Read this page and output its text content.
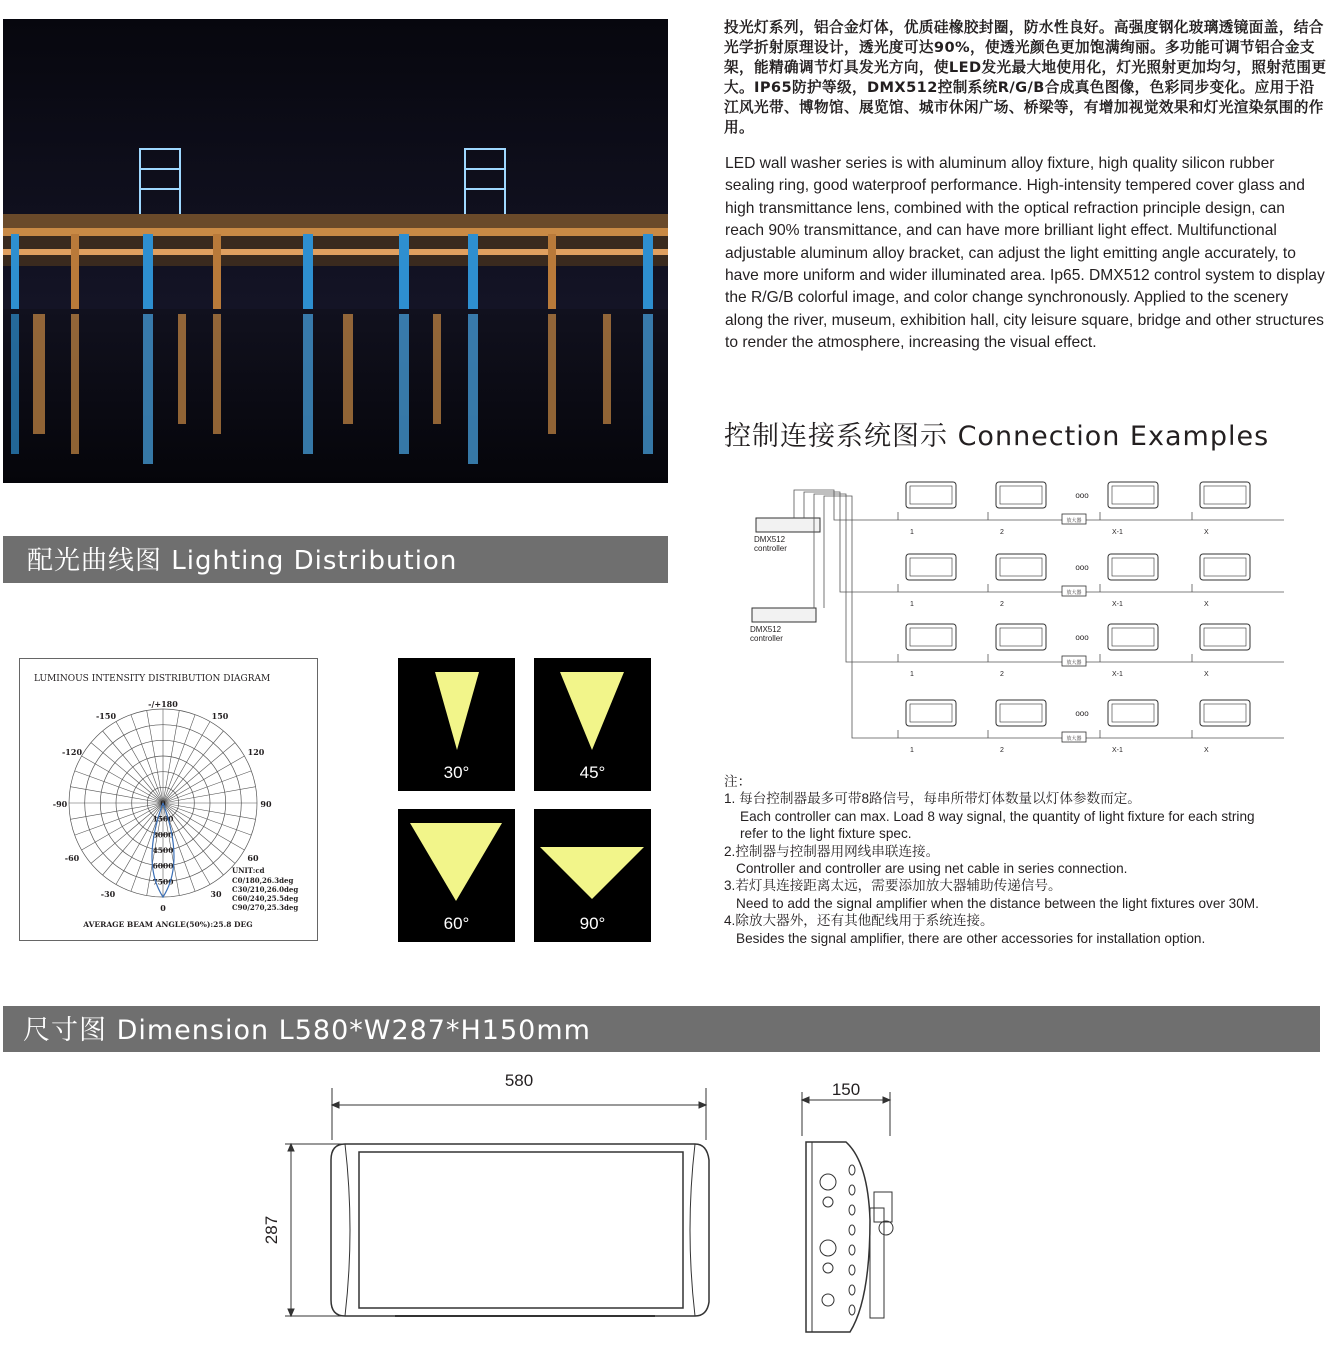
投光灯系列，铝合金灯体，优质硅橡胶封圈，防水性良好。高强度钢化玻璃透镜面盖，结合光学折射原理设计，透光度可达90%，使透光颜色更加饱满绚丽。多功能可调节铝合金支架，能精确调节灯具发光方向，使LED发光最大地使用化，灯光照射更加均匀，照射范围更大。IP65防护等级，DMX512控制系统R/G/B合成真色图像，色彩同步变化。应用于沿江风光带、博物馆、展览馆、城市休闲广场、桥梁等，有增加视觉效果和灯光渲染氛围的作用。

LED wall washer series is with aluminum alloy fixture, high quality silicon rubber sealing ring, good waterproof performance. High-intensity tempered cover glass and high transmittance lens, combined with the optical refraction principle design, can reach 90% transmittance, and can have more brilliant light effect. Multifunctional adjustable aluminum alloy bracket, can adjust the light emitting angle accurately, to have more uniform and wider illuminated area. Ip65. DMX512 control system to display the R/G/B colorful image, and color change synchronously. Applied to the scenery along the river, museum, exhibition hall, city leisure square, bridge and other structures to render the atmosphere, increasing the visual effect.

控制连接系统图示 Connection Examples
DMX512
controller
DMX512
controller
1	2	X-1	X
ooo
放大器
1	2	X-1	X
ooo
放大器
1	2	X-1	X
ooo
放大器
1	2	X-1	X
ooo
放大器
注：
1. 每台控制器最多可带8路信号，每串所带灯体数量以灯体参数而定。
Each controller can max. Load 8 way signal, the quantity of light fixture for each string
refer to the light fixture spec.
2.控制器与控制器用网线串联连接。
Controller and controller are using net cable in series connection.
3.若灯具连接距离太远，需要添加放大器辅助传递信号。
Need to add the signal amplifier when the distance between the light fixtures over 30M.
4.除放大器外，还有其他配线用于系统连接。
Besides the signal amplifier, there are other accessories for installation option.
配光曲线图 Lighting Distribution
LUMINOUS INTENSITY DISTRIBUTION DIAGRAM
-/+180
-150	150
-120	120
-90	90
-60	60
-30	30
0
0
1500
3000
4500
6000
7500
UNIT:cd
C0/180,26.3deg
C30/210,26.0deg
C60/240,25.5deg
C90/270,25.3deg
AVERAGE BEAM ANGLE(50%):25.8 DEG
30°	45°
60°	90°
尺寸图 Dimension L580*W287*H150mm
580
287
150
